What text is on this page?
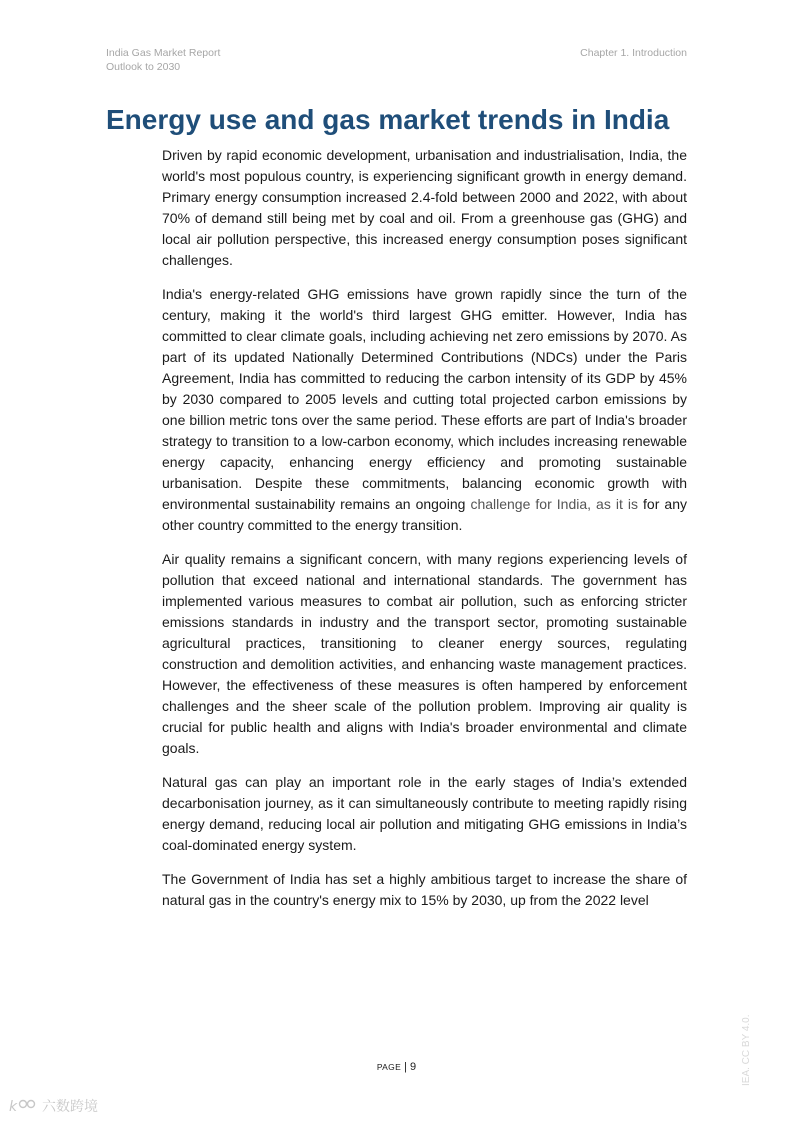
India Gas Market Report
Outlook to 2030
Chapter 1. Introduction
Energy use and gas market trends in India

Driven by rapid economic development, urbanisation and industrialisation, India, the world's most populous country, is experiencing significant growth in energy demand. Primary energy consumption increased 2.4-fold between 2000 and 2022, with about 70% of demand still being met by coal and oil. From a greenhouse gas (GHG) and local air pollution perspective, this increased energy consumption poses significant challenges.

India's energy-related GHG emissions have grown rapidly since the turn of the century, making it the world's third largest GHG emitter. However, India has committed to clear climate goals, including achieving net zero emissions by 2070. As part of its updated Nationally Determined Contributions (NDCs) under the Paris Agreement, India has committed to reducing the carbon intensity of its GDP by 45% by 2030 compared to 2005 levels and cutting total projected carbon emissions by one billion metric tons over the same period. These efforts are part of India's broader strategy to transition to a low-carbon economy, which includes increasing renewable energy capacity, enhancing energy efficiency and promoting sustainable urbanisation. Despite these commitments, balancing economic growth with environmental sustainability remains an ongoing challenge for India, as it is for any other country committed to the energy transition.

Air quality remains a significant concern, with many regions experiencing levels of pollution that exceed national and international standards. The government has implemented various measures to combat air pollution, such as enforcing stricter emissions standards in industry and the transport sector, promoting sustainable agricultural practices, transitioning to cleaner energy sources, regulating construction and demolition activities, and enhancing waste management practices. However, the effectiveness of these measures is often hampered by enforcement challenges and the sheer scale of the pollution problem. Improving air quality is crucial for public health and aligns with India's broader environmental and climate goals.

Natural gas can play an important role in the early stages of India’s extended decarbonisation journey, as it can simultaneously contribute to meeting rapidly rising energy demand, reducing local air pollution and mitigating GHG emissions in India’s coal-dominated energy system.

The Government of India has set a highly ambitious target to increase the share of natural gas in the country's energy mix to 15% by 2030, up from the 2022 level

PAGE | 9	IEA. CC BY 4.0.
k 六数跨境
